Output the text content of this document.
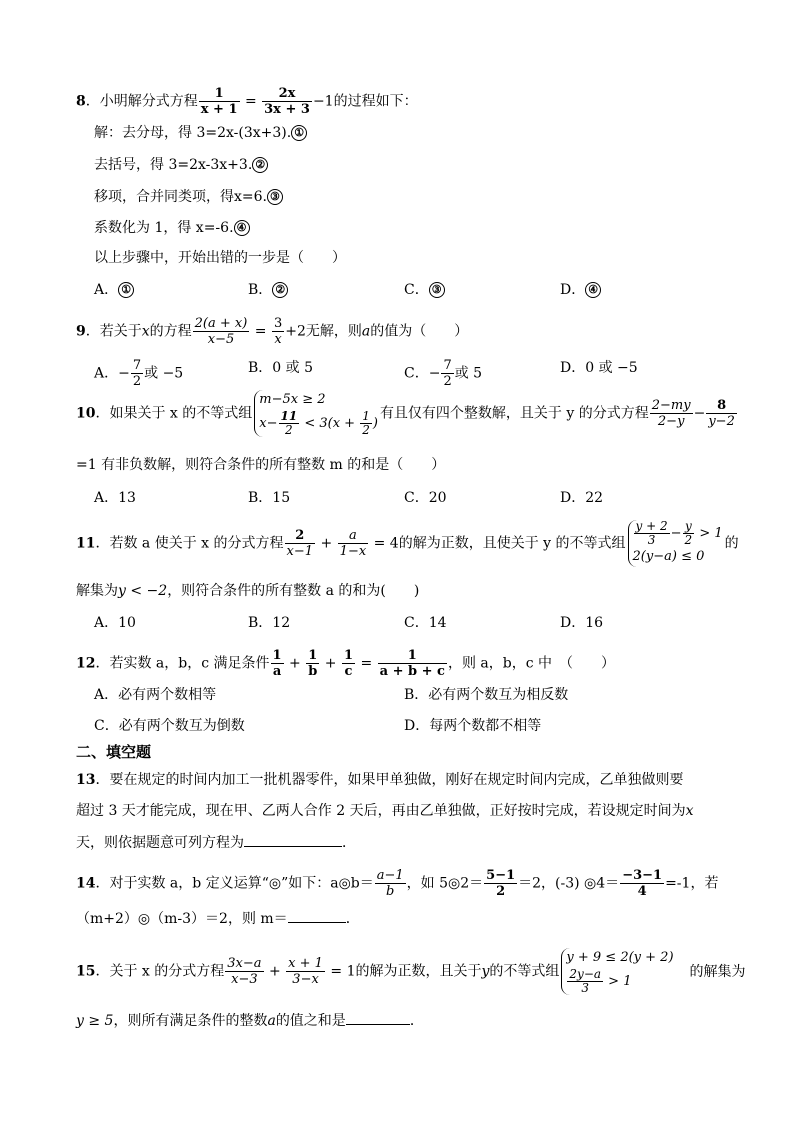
8．小明解分式方程 $\frac{1}{x + 1} = \frac{2x}{3x + 3} -1$的过程如下：
解：去分母，得 3=2x-(3x+3). ①
去括号，得 3=2x-3x+3. ②
移项，合并同类项，得x=6. ③
系数化为 1，得 x=-6. ④
以上步骤中，开始出错的一步是（　　）
A． ①	B． ②	C． ③	D． ④
9．若关于x的方程 $\frac{2(a + x)}{x-5} = \frac{3}{x} +2$无解，则a的值为（　　）
A．− $\frac{7}{2}$ 或 −5	B．0 或 5	C．− $\frac{7}{2}$ 或 5	D．0 或 −5
10．如果关于 x 的不等式组
m−5x ≥ 2
$x- \frac{11}{2} < 3(x + \frac{1}{2}$ )
有且仅有四个整数解，且关于 y 的分式方程 $\frac{2-my}{2-y} - \frac{8}{y-2}$
=1 有非负数解，则符合条件的所有整数 m 的和是（　　）
A．13	B．15	C．20	D．22
11．若数 a 使关于 x 的分式方程 $\frac{2}{x-1} + \frac{a}{1-x} = 4$的解为正数，且使关于 y 的不等式组 $\frac{y + 2}{3} - \frac{y}{2} > 1$
2(y−a) ≤ 0
的
解集为y < −2，则符合条件的所有整数 a 的和为(　　)
A．10	B．12	C．14	D．16
12．若实数 a，b，c 满足条件 $\frac{1}{a} + \frac{1}{b} + \frac{1}{c} = \frac{1}{a + b + c}$ ，则 a，b，c 中　（　　）
A．必有两个数相等	B．必有两个数互为相反数
C．必有两个数互为倒数	D．每两个数都不相等
二、填空题
13．要在规定的时间内加工一批机器零件，如果甲单独做，刚好在规定时间内完成，乙单独做则要
超过 3 天才能完成，现在甲、乙两人合作 2 天后，再由乙单独做，正好按时完成，若设规定时间为x
天，则依据题意可列方程为	．
14．对于实数 a，b 定义运算“◎”如下：a◎b＝ $\frac{a-1}{b}$ ，如 5◎2＝ $\frac{5-1}{2} =2$，(-3) ◎4＝ $\frac{-3-1}{4} =-1$，若
（m+2）◎（m-3）＝2，则 m＝	．
15．关于 x 的分式方程 $\frac{3x-a}{x-3} + \frac{x + 1}{3-x} = 1$的解为正数，且关于y的不等式组
y + 9 ≤ 2(y + 2)
$\frac{2y-a}{3} > 1$
的解集为
y ≥ 5，则所有满足条件的整数a的值之和是	．
